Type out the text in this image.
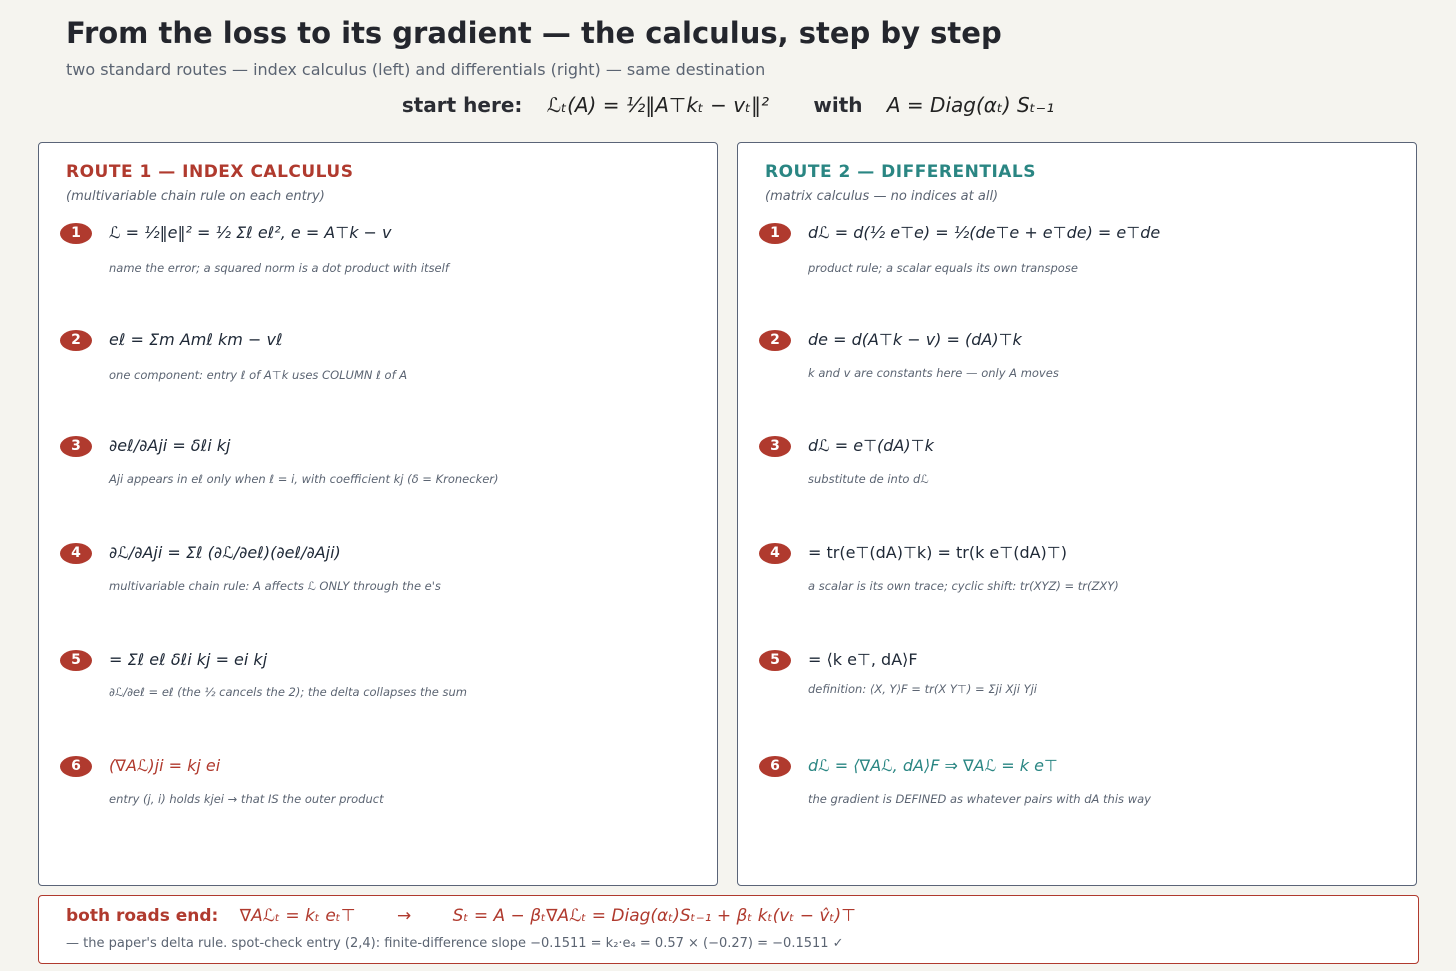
From the loss to its gradient — the calculus, step by step
two standard routes — index calculus (left) and differentials (right) — same destination
start here: ℒₜ(A) = ½‖A⊤kₜ − vₜ‖² with A = Diag(αₜ) Sₜ₋₁
ROUTE 1 — INDEX CALCULUS
(multivariable chain rule on each entry)
1	ℒ = ½‖e‖² = ½ Σℓ eℓ², e = A⊤k − v
name the error; a squared norm is a dot product with itself
2	eℓ = Σm Amℓ km − vℓ
one component: entry ℓ of A⊤k uses COLUMN ℓ of A
3	∂eℓ/∂Aji = δℓi kj
Aji appears in eℓ only when ℓ = i, with coefficient kj (δ = Kronecker)
4	∂ℒ/∂Aji = Σℓ (∂ℒ/∂eℓ)(∂eℓ/∂Aji)
multivariable chain rule: A affects ℒ ONLY through the e's
5	= Σℓ eℓ δℓi kj = ei kj
∂ℒ/∂eℓ = eℓ (the ½ cancels the 2); the delta collapses the sum
6	(∇Aℒ)ji = kj ei
entry (j, i) holds kjei → that IS the outer product
ROUTE 2 — DIFFERENTIALS
(matrix calculus — no indices at all)
1	dℒ = d(½ e⊤e) = ½(de⊤e + e⊤de) = e⊤de
product rule; a scalar equals its own transpose
2	de = d(A⊤k − v) = (dA)⊤k
k and v are constants here — only A moves
3	dℒ = e⊤(dA)⊤k
substitute de into dℒ
4	= tr(e⊤(dA)⊤k) = tr(k e⊤(dA)⊤)
a scalar is its own trace; cyclic shift: tr(XYZ) = tr(ZXY)
5	= ⟨k e⊤, dA⟩F
definition: ⟨X, Y⟩F = tr(X Y⊤) = Σji Xji Yji
6	dℒ = ⟨∇Aℒ, dA⟩F ⇒ ∇Aℒ = k e⊤
the gradient is DEFINED as whatever pairs with dA this way
both roads end: ∇Aℒₜ = kₜ eₜ⊤ → Sₜ = A − βₜ∇Aℒₜ = Diag(αₜ)Sₜ₋₁ + βₜ kₜ(vₜ − v̂ₜ)⊤
— the paper's delta rule. spot-check entry (2,4): finite-difference slope −0.1511 = k₂·e₄ = 0.57 × (−0.27) = −0.1511 ✓
